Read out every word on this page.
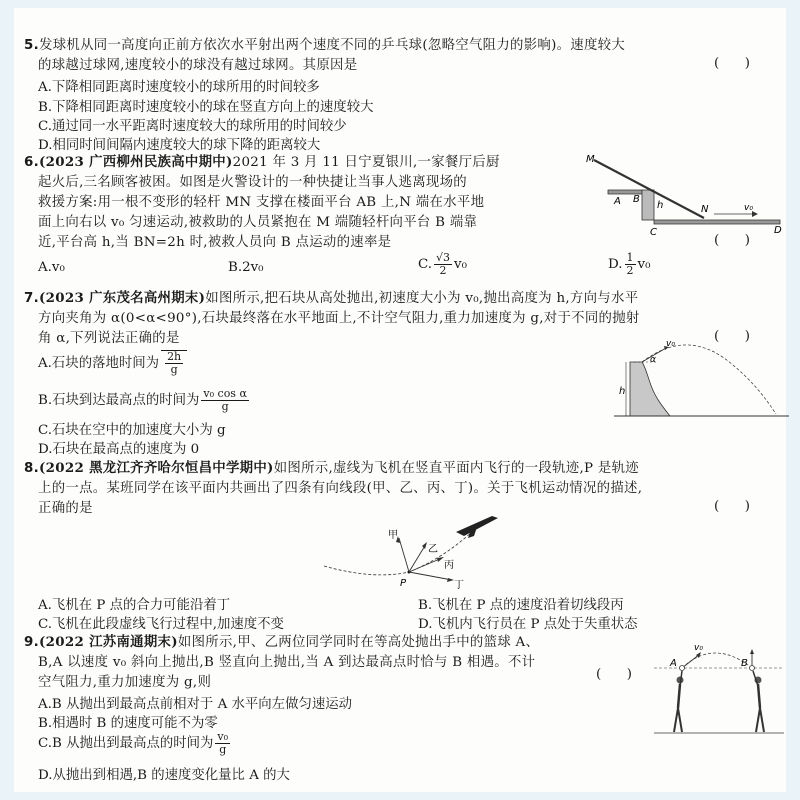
5.发球机从同一高度向正前方依次水平射出两个速度不同的乒乓球(忽略空气阻力的影响)。速度较大
的球越过球网,速度较小的球没有越过球网。其原因是	(      )
A.下降相同距离时速度较小的球所用的时间较多
B.下降相同距离时速度较小的球在竖直方向上的速度较大
C.通过同一水平距离时速度较大的球所用的时间较少
D.相同时间间隔内速度较大的球下降的距离较大
6.(2023 广西柳州民族高中期中)2021 年 3 月 11 日宁夏银川,一家餐厅后厨
起火后,三名顾客被困。如图是火警设计的一种快捷让当事人逃离现场的
救援方案:用一根不变形的轻杆 MN 支撑在楼面平台 AB 上,N 端在水平地
面上向右以 v₀ 匀速运动,被救助的人员紧抱在 M 端随轻杆向平台 B 端靠
近,平台高 h,当 BN=2h 时,被救人员向 B 点运动的速率是	(      )
A.v₀	B.2v₀	C. $\frac{√3}{2} v_0$	D. $\frac{1}{2} v_0$
M
A B
h
C
N	v₀
D
7.(2023 广东茂名高州期末)如图所示,把石块从高处抛出,初速度大小为 v₀,抛出高度为 h,方向与水平
方向夹角为 α(0<α<90°),石块最终落在水平地面上,不计空气阻力,重力加速度为 g,对于不同的抛射
角 α,下列说法正确的是	(      )
A.石块的落地时间为 $\frac{2h}{g}$
B.石块到达最高点的时间为 $\frac{\text{v₀ cos α}}{g}$
C.石块在空中的加速度大小为 g
D.石块在最高点的速度为 0
h
v₀
α
8.(2022 黑龙江齐齐哈尔恒昌中学期中)如图所示,虚线为飞机在竖直平面内飞行的一段轨迹,P 是轨迹
上的一点。某班同学在该平面内共画出了四条有向线段(甲、乙、丙、丁)。关于飞机运动情况的描述,
正确的是	(      )
甲
乙
丙
丁
P
A.飞机在 P 点的合力可能沿着丁	B.飞机在 P 点的速度沿着切线段丙
C.飞机在此段虚线飞行过程中,加速度不变	D.飞机内飞行员在 P 点处于失重状态
9.(2022 江苏南通期末)如图所示,甲、乙两位同学同时在等高处抛出手中的篮球 A、
B,A 以速度 v₀ 斜向上抛出,B 竖直向上抛出,当 A 到达最高点时恰与 B 相遇。不计
空气阻力,重力加速度为 g,则
(      )
A.B 从抛出到最高点前相对于 A 水平向左做匀速运动
B.相遇时 B 的速度可能不为零
C.B 从抛出到最高点的时间为 $\frac{\text{v₀}}{g}$
D.从抛出到相遇,B 的速度变化量比 A 的大
A	B
v₀
